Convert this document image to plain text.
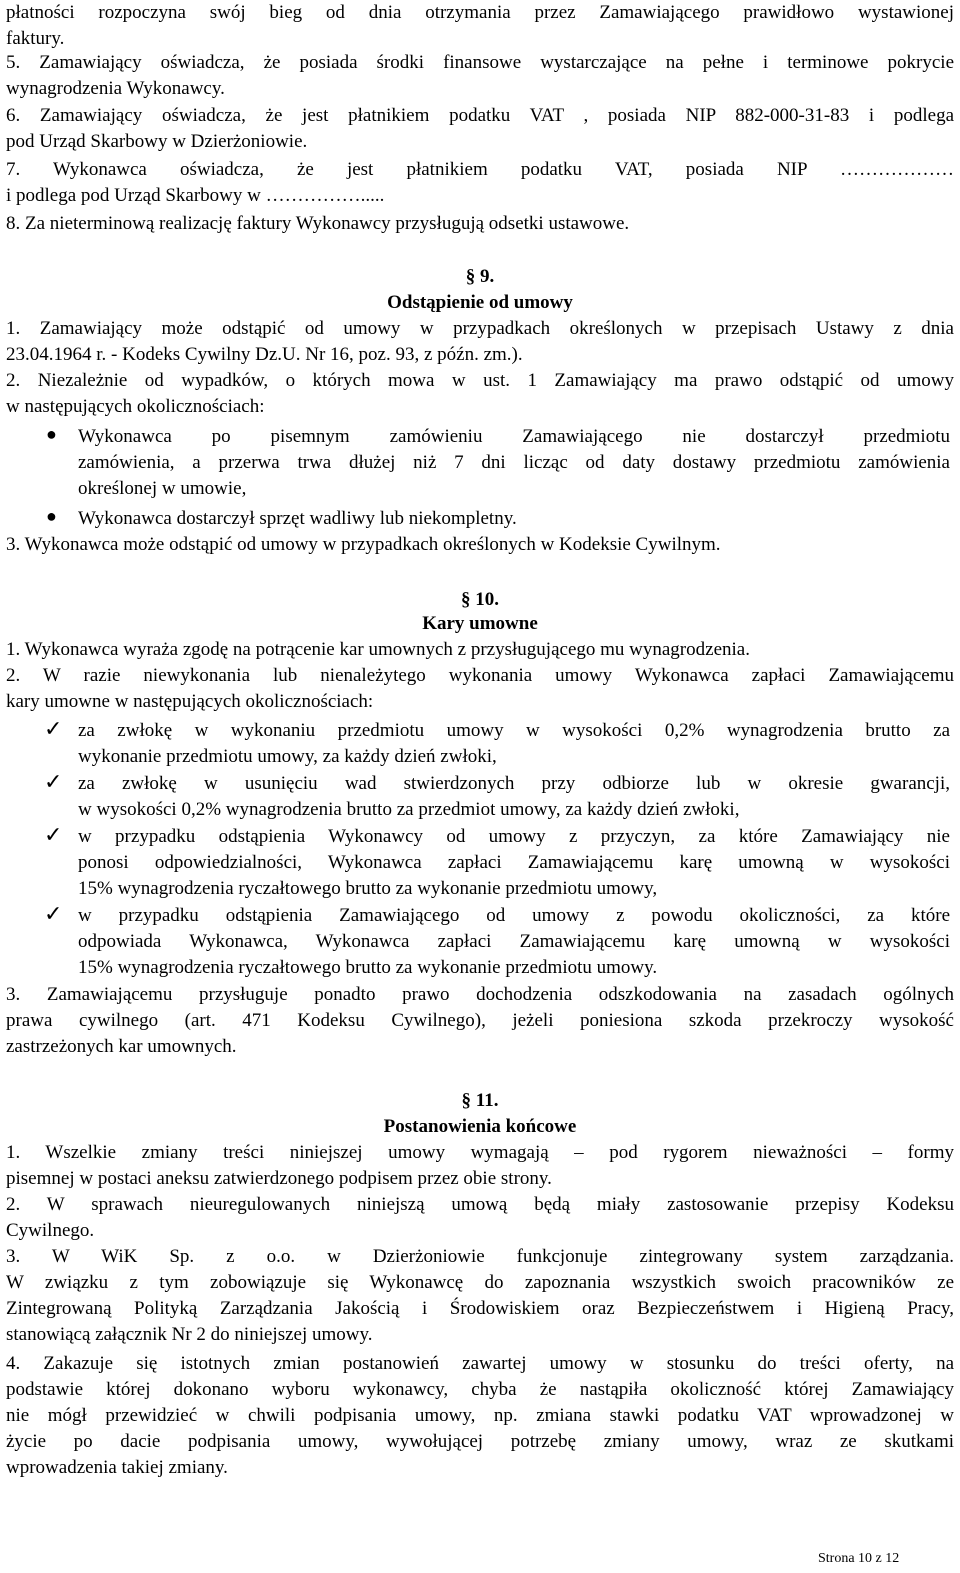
płatności rozpoczyna swój bieg od dnia otrzymania przez Zamawiającego prawidłowo wystawionej
faktury.
5. Zamawiający oświadcza, że posiada środki finansowe wystarczające na pełne i terminowe pokrycie
wynagrodzenia Wykonawcy.
6. Zamawiający oświadcza, że jest płatnikiem podatku VAT , posiada NIP 882-000-31-83 i podlega
pod Urząd Skarbowy w Dzierżoniowie.
7. Wykonawca oświadcza, że jest płatnikiem podatku VAT, posiada NIP ………………
i podlega pod Urząd Skarbowy w …………….....
8. Za nieterminową realizację faktury Wykonawcy przysługują odsetki ustawowe.
§ 9.
Odstąpienie od umowy
1. Zamawiający może odstąpić od umowy w przypadkach określonych w przepisach Ustawy z dnia
23.04.1964 r. - Kodeks Cywilny Dz.U. Nr 16, poz. 93, z późn. zm.).
2. Niezależnie od wypadków, o których mowa w ust. 1 Zamawiający ma prawo odstąpić od umowy
w następujących okolicznościach:
● Wykonawca po pisemnym zamówieniu Zamawiającego nie dostarczył przedmiotu
zamówienia, a przerwa trwa dłużej niż 7 dni licząc od daty dostawy przedmiotu zamówienia
określonej w umowie,
● Wykonawca dostarczył sprzęt wadliwy lub niekompletny.
3. Wykonawca może odstąpić od umowy w przypadkach określonych w Kodeksie Cywilnym.
§ 10.
Kary umowne
1. Wykonawca wyraża zgodę na potrącenie kar umownych z przysługującego mu wynagrodzenia.
2. W razie niewykonania lub nienależytego wykonania umowy Wykonawca zapłaci Zamawiającemu
kary umowne w następujących okolicznościach:
✓ za zwłokę w wykonaniu przedmiotu umowy w wysokości 0,2% wynagrodzenia brutto za
wykonanie przedmiotu umowy, za każdy dzień zwłoki,
✓ za zwłokę w usunięciu wad stwierdzonych przy odbiorze lub w okresie gwarancji,
w wysokości 0,2% wynagrodzenia brutto za przedmiot umowy, za każdy dzień zwłoki,
✓ w przypadku odstąpienia Wykonawcy od umowy z przyczyn, za które Zamawiający nie
ponosi odpowiedzialności, Wykonawca zapłaci Zamawiającemu karę umowną w wysokości
15% wynagrodzenia ryczałtowego brutto za wykonanie przedmiotu umowy,
✓ w przypadku odstąpienia Zamawiającego od umowy z powodu okoliczności, za które
odpowiada Wykonawca, Wykonawca zapłaci Zamawiającemu karę umowną w wysokości
15% wynagrodzenia ryczałtowego brutto za wykonanie przedmiotu umowy.
3. Zamawiającemu przysługuje ponadto prawo dochodzenia odszkodowania na zasadach ogólnych
prawa cywilnego (art. 471 Kodeksu Cywilnego), jeżeli poniesiona szkoda przekroczy wysokość
zastrzeżonych kar umownych.
§ 11.
Postanowienia końcowe
1. Wszelkie zmiany treści niniejszej umowy wymagają – pod rygorem nieważności – formy
pisemnej w postaci aneksu zatwierdzonego podpisem przez obie strony.
2. W sprawach nieuregulowanych niniejszą umową będą miały zastosowanie przepisy Kodeksu
Cywilnego.
3. W WiK Sp. z o.o. w Dzierżoniowie funkcjonuje zintegrowany system zarządzania.
W związku z tym zobowiązuje się Wykonawcę do zapoznania wszystkich swoich pracowników ze
Zintegrowaną Polityką Zarządzania Jakością i Środowiskiem oraz Bezpieczeństwem i Higieną Pracy,
stanowiącą załącznik Nr 2 do niniejszej umowy.
4. Zakazuje się istotnych zmian postanowień zawartej umowy w stosunku do treści oferty, na
podstawie której dokonano wyboru wykonawcy, chyba że nastąpiła okoliczność której Zamawiający
nie mógł przewidzieć w chwili podpisania umowy, np. zmiana stawki podatku VAT wprowadzonej w
życie po dacie podpisania umowy, wywołującej potrzebę zmiany umowy, wraz ze skutkami
wprowadzenia takiej zmiany.
Strona 10 z 12
